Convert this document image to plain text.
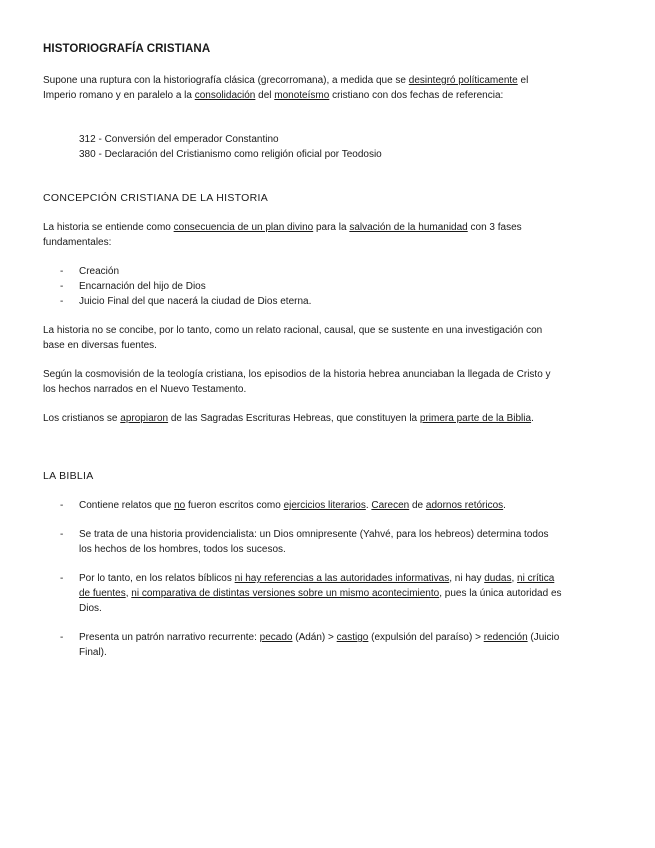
HISTORIOGRAFÍA CRISTIANA

Supone una ruptura con la historiografía clásica (grecorromana), a medida que se desintegró políticamente el Imperio romano y en paralelo a la consolidación del monoteísmo cristiano con dos fechas de referencia:

312 - Conversión del emperador Constantino

380 - Declaración del Cristianismo como religión oficial por Teodosio

CONCEPCIÓN CRISTIANA DE LA HISTORIA

La historia se entiende como consecuencia de un plan divino para la salvación de la humanidad con 3 fases fundamentales:

- Creación
- Encarnación del hijo de Dios
- Juicio Final del que nacerá la ciudad de Dios eterna.

La historia no se concibe, por lo tanto, como un relato racional, causal, que se sustente en una investigación con base en diversas fuentes.

Según la cosmovisión de la teología cristiana, los episodios de la historia hebrea anunciaban la llegada de Cristo y los hechos narrados en el Nuevo Testamento.

Los cristianos se apropiaron de las Sagradas Escrituras Hebreas, que constituyen la primera parte de la Biblia.

LA BIBLIA

- Contiene relatos que no fueron escritos como ejercicios literarios. Carecen de adornos retóricos.
- Se trata de una historia providencialista: un Dios omnipresente (Yahvé, para los hebreos) determina todos los hechos de los hombres, todos los sucesos.
- Por lo tanto, en los relatos bíblicos ni hay referencias a las autoridades informativas, ni hay dudas, ni crítica de fuentes, ni comparativa de distintas versiones sobre un mismo acontecimiento, pues la única autoridad es Dios.
- Presenta un patrón narrativo recurrente: pecado (Adán) > castigo (expulsión del paraíso) > redención (Juicio Final).
